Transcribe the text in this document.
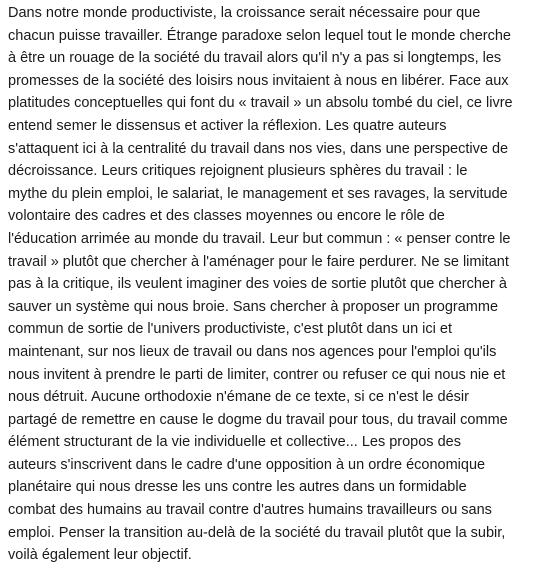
Dans notre monde productiviste, la croissance serait nécessaire pour que
chacun puisse travailler. Étrange paradoxe selon lequel tout le monde cherche
à être un rouage de la société du travail alors qu'il n'y a pas si longtemps, les
promesses de la société des loisirs nous invitaient à nous en libérer. Face aux
platitudes conceptuelles qui font du « travail » un absolu tombé du ciel, ce livre
entend semer le dissensus et activer la réflexion. Les quatre auteurs
s'attaquent ici à la centralité du travail dans nos vies, dans une perspective de
décroissance. Leurs critiques rejoignent plusieurs sphères du travail : le
mythe du plein emploi, le salariat, le management et ses ravages, la servitude
volontaire des cadres et des classes moyennes ou encore le rôle de
l'éducation arrimée au monde du travail. Leur but commun : « penser contre le
travail » plutôt que chercher à l'aménager pour le faire perdurer. Ne se limitant
pas à la critique, ils veulent imaginer des voies de sortie plutôt que chercher à
sauver un système qui nous broie. Sans chercher à proposer un programme
commun de sortie de l'univers productiviste, c'est plutôt dans un ici et
maintenant, sur nos lieux de travail ou dans nos agences pour l'emploi qu'ils
nous invitent à prendre le parti de limiter, contrer ou refuser ce qui nous nie et
nous détruit. Aucune orthodoxie n'émane de ce texte, si ce n'est le désir
partagé de remettre en cause le dogme du travail pour tous, du travail comme
élément structurant de la vie individuelle et collective... Les propos des
auteurs s'inscrivent dans le cadre d'une opposition à un ordre économique
planétaire qui nous dresse les uns contre les autres dans un formidable
combat des humains au travail contre d'autres humains travailleurs ou sans
emploi. Penser la transition au-delà de la société du travail plutôt que la subir,
voilà également leur objectif.
